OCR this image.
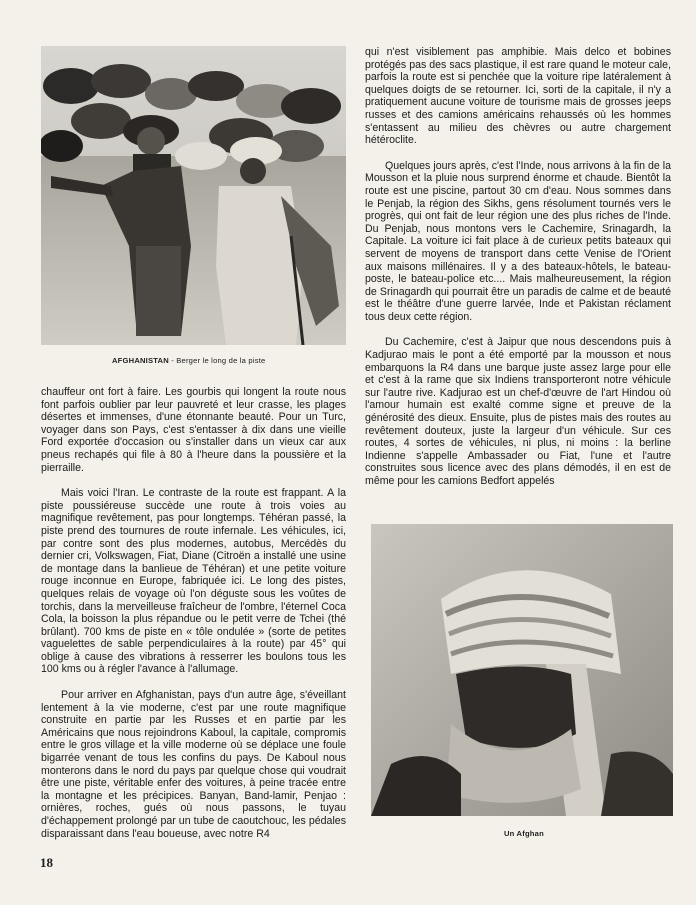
AFGHANISTAN - Berger le long de la piste

qui n'est visiblement pas amphibie. Mais delco et bobines protégés pas des sacs plastique, il est rare quand le moteur cale, parfois la route est si penchée que la voiture ripe latéralement à quelques doigts de se retourner. Ici, sorti de la capitale, il n'y a pratiquement aucune voiture de tourisme mais de grosses jeeps russes et des camions américains rehaussés où les hommes s'entassent au milieu des chèvres ou autre chargement hétéroclite.

Quelques jours après, c'est l'Inde, nous arrivons à la fin de la Mousson et la pluie nous surprend énorme et chaude. Bientôt la route est une piscine, partout 30 cm d'eau. Nous sommes dans le Penjab, la région des Sikhs, gens résolument tournés vers le progrès, qui ont fait de leur région une des plus riches de l'Inde. Du Penjab, nous montons vers le Cachemire, Srinagardh, la Capitale. La voiture ici fait place à de curieux petits bateaux qui servent de moyens de transport dans cette Venise de l'Orient aux maisons millénaires. Il y a des bateaux-hôtels, le bateau-poste, le bateau-police etc.... Mais malheureusement, la région de Srinagardh qui pourrait être un paradis de calme et de beauté est le théâtre d'une guerre larvée, Inde et Pakistan réclament tous deux cette région.

Du Cachemire, c'est à Jaipur que nous descendons puis à Kadjurao mais le pont a été emporté par la mousson et nous embarquons la R4 dans une barque juste assez large pour elle et c'est à la rame que six Indiens transporteront notre véhicule sur l'autre rive. Kadjurao est un chef-d'œuvre de l'art Hindou où l'amour humain est exalté comme signe et preuve de la générosité des dieux. Ensuite, plus de pistes mais des routes au revêtement douteux, juste la largeur d'un véhicule. Sur ces routes, 4 sortes de véhicules, ni plus, ni moins : la berline Indienne s'appelle Ambassader ou Fiat, l'une et l'autre construites sous licence avec des plans démodés, il en est de même pour les camions Bedfort appelés

chauffeur ont fort à faire. Les gourbis qui longent la route nous font parfois oublier par leur pauvreté et leur crasse, les plages désertes et immenses, d'une étonnante beauté. Pour un Turc, voyager dans son Pays, c'est s'entasser à dix dans une vieille Ford exportée d'occasion ou s'installer dans un vieux car aux pneus rechapés qui file à 80 à l'heure dans la poussière et la pierraille.

Mais voici l'Iran. Le contraste de la route est frappant. A la piste poussiéreuse succède une route à trois voies au magnifique revêtement, pas pour longtemps. Téhéran passé, la piste prend des tournures de route infernale. Les véhicules, ici, par contre sont des plus modernes, autobus, Mercédès du dernier cri, Volkswagen, Fiat, Diane (Citroën a installé une usine de montage dans la banlieue de Téhéran) et une petite voiture rouge inconnue en Europe, fabriquée ici. Le long des pistes, quelques relais de voyage où l'on déguste sous les voûtes de torchis, dans la merveilleuse fraîcheur de l'ombre, l'éternel Coca Cola, la boisson la plus répandue ou le petit verre de Tchei (thé brûlant). 700 kms de piste en « tôle ondulée » (sorte de petites vaguelettes de sable perpendiculaires à la route) par 45° qui oblige à cause des vibrations à resserrer les boulons tous les 100 kms ou à régler l'avance à l'allumage.

Pour arriver en Afghanistan, pays d'un autre âge, s'éveillant lentement à la vie moderne, c'est par une route magnifique construite en partie par les Russes et en partie par les Américains que nous rejoindrons Kaboul, la capitale, compromis entre le gros village et la ville moderne où se déplace une foule bigarrée venant de tous les confins du pays. De Kaboul nous monterons dans le nord du pays par quelque chose qui voudrait être une piste, véritable enfer des voitures, à peine tracée entre la montagne et les précipices. Banyan, Band-lamir, Penjao : ornières, roches, gués où nous passons, le tuyau d'échappement prolongé par un tube de caoutchouc, les pédales disparaissant dans l'eau boueuse, avec notre R4	Un Afghan
18
